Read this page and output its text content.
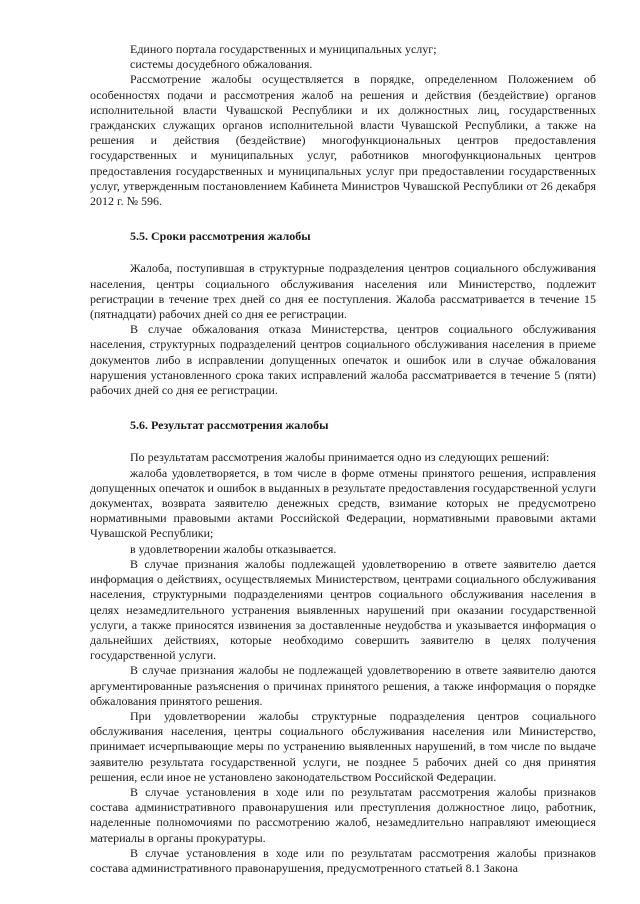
Единого портала государственных и муниципальных услуг;

системы досудебного обжалования.

Рассмотрение жалобы осуществляется в порядке, определенном Положением об особенностях подачи и рассмотрения жалоб на решения и действия (бездействие) органов исполнительной власти Чувашской Республики и их должностных лиц, государственных гражданских служащих органов исполнительной власти Чувашской Республики, а также на решения и действия (бездействие) многофункциональных центров предоставления государственных и муниципальных услуг, работников многофункциональных центров предоставления государственных и муниципальных услуг при предоставлении государственных услуг, утвержденным постановлением Кабинета Министров Чувашской Республики от 26 декабря 2012 г. № 596.

5.5. Сроки рассмотрения жалобы

Жалоба, поступившая в структурные подразделения центров социального обслуживания населения, центры социального обслуживания населения или Министерство, подлежит регистрации в течение трех дней со дня ее поступления. Жалоба рассматривается в течение 15 (пятнадцати) рабочих дней со дня ее регистрации.

В случае обжалования отказа Министерства, центров социального обслуживания населения, структурных подразделений центров социального обслуживания населения в приеме документов либо в исправлении допущенных опечаток и ошибок или в случае обжалования нарушения установленного срока таких исправлений жалоба рассматривается в течение 5 (пяти) рабочих дней со дня ее регистрации.

5.6. Результат рассмотрения жалобы

По результатам рассмотрения жалобы принимается одно из следующих решений:

жалоба удовлетворяется, в том числе в форме отмены принятого решения, исправления допущенных опечаток и ошибок в выданных в результате предоставления государственной услуги документах, возврата заявителю денежных средств, взимание которых не предусмотрено нормативными правовыми актами Российской Федерации, нормативными правовыми актами Чувашской Республики;

в удовлетворении жалобы отказывается.

В случае признания жалобы подлежащей удовлетворению в ответе заявителю дается информация о действиях, осуществляемых Министерством, центрами социального обслуживания населения, структурными подразделениями центров социального обслуживания населения в целях незамедлительного устранения выявленных нарушений при оказании государственной услуги, а также приносятся извинения за доставленные неудобства и указывается информация о дальнейших действиях, которые необходимо совершить заявителю в целях получения государственной услуги.

В случае признания жалобы не подлежащей удовлетворению в ответе заявителю даются аргументированные разъяснения о причинах принятого решения, а также информация о порядке обжалования принятого решения.

При удовлетворении жалобы структурные подразделения центров социального обслуживания населения, центры социального обслуживания населения или Министерство, принимает исчерпывающие меры по устранению выявленных нарушений, в том числе по выдаче заявителю результата государственной услуги, не позднее 5 рабочих дней со дня принятия решения, если иное не установлено законодательством Российской Федерации.

В случае установления в ходе или по результатам рассмотрения жалобы признаков состава административного правонарушения или преступления должностное лицо, работник, наделенные полномочиями по рассмотрению жалоб, незамедлительно направляют имеющиеся материалы в органы прокуратуры.

В случае установления в ходе или по результатам рассмотрения жалобы признаков состава административного правонарушения, предусмотренного статьей 8.1 Закона
